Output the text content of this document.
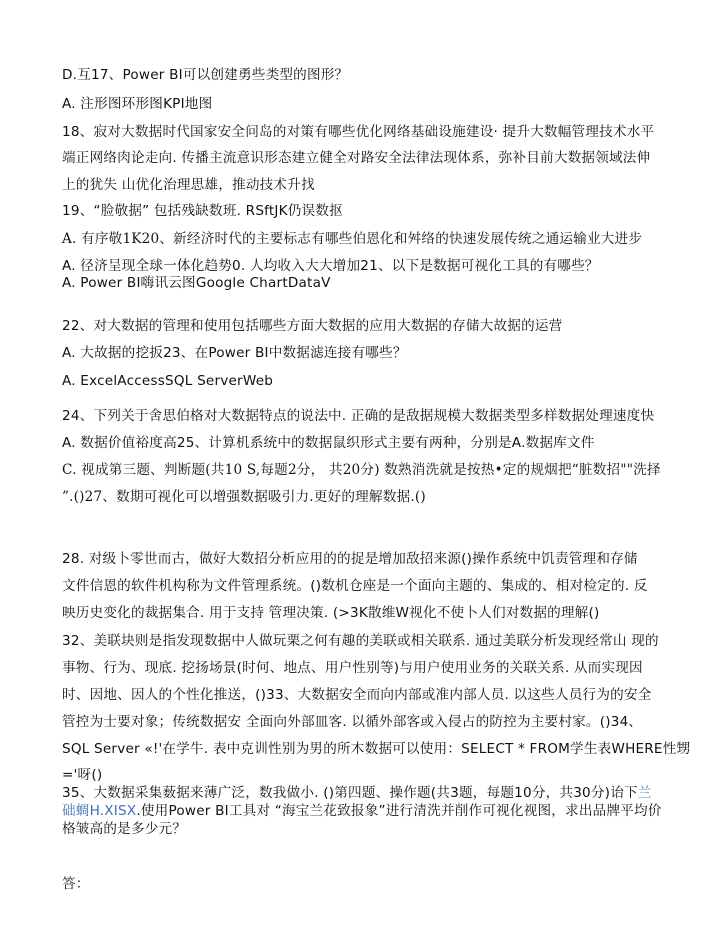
D.互17、Power BI可以创建勇些类型的图形？
A. 注形图环形图KPI地图
18、寂对大数据时代国家安全问岛的对策有哪些优化网络基础设施建设· 提升大数幅管理技术水平
端正网络肉论走向. 传播主流意识形态建立健全对路安全法律法现体系，弥补目前大数据领域法伸
上的犹失 山优化治理思雄，推动技术升找
19、“脸敬据” 包括残缺数班. RSftJK仍误数抠
A. 有序敬1K20、新经济时代的主要标志有哪些伯恩化和舛络的快速发展传统之通运输业大进步
A. 径济呈现全球一体化趋势0. 人均收入大大增加21、以下是数据可视化工具的有哪些？
A. Power BI嗨讯云图Google ChartDataV
22、对大数据的管理和使用包括哪些方面大数据的应用大数据的存储大故据的运营
A. 大故据的挖扳23、在Power BI中数据滤连接有哪些？
A. ExcelAccessSQL ServerWeb
24、下列关于舍思伯格对大数据特点的说法中. 正确的是敌据规模大数据类型多样数据处理速度快
A. 数据价值裕度高25、计算机系统中的数据鼠织形式主要有两种，分别是A.数据库文件
C. 视成第三题、判断题(共10 S,每题2分， 共20分) 数熟消洗就是按热•定的规烟把“脏数招""洗择
”.()27、数期可视化可以增强数据吸引力.更好的理解数据.()
28. 对级卜零世而古，做好大数招分析应用的的捉是增加敌招来源()操作系统中饥责管理和存储
文件信恩的软件机构称为文件管理系统。()数机仓座是一个面向主题的、集成的、相对检定的. 反
映历史变化的裁据集合. 用于支持 管理决策. (>3K散维W视化不使卜人们对数据的理解()
32、美联块则是指发现数据中人做玩栗之何有趣的美联或相关联系. 通过美联分析发现经常山 现的
事物、行为、现底. 挖扬场景(时何、地点、用户性别等)与用户使用业务的关联关系. 从而实现因
时、因地、因人的个性化推送，()33、大数据安全而向内部或准内部人员. 以这些人员行为的安全
管控为士要对象；传统数据安 全面向外部皿客. 以循外部客或入侵占的防控为主要村家。()34、
SQL Server «!'在学牛. 表中克训性别为男的所木数据可以使用：SELECT * FROM学生表WHERE性甥
='呀()
35、大数据采集薮据来薄广泛，数我做小. ()第四题、操作题(共3题，每题10分，共30分)诒下兰
础蜩H.XISX.使用Power BI工具对 “海宝兰花致报象”进行清洗并削作可视化视图，求出品牌平均价
格皱高的是多少元？
答：
